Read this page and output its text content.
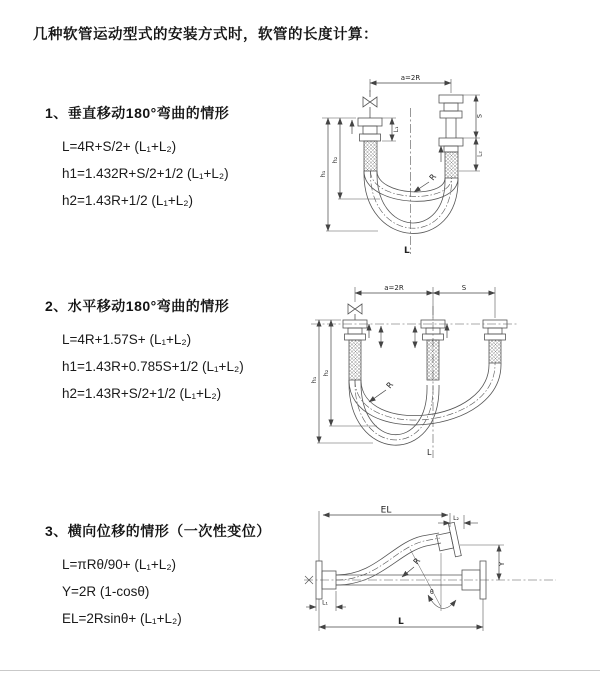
几种软管运动型式的安装方式时，软管的长度计算：
1、垂直移动180°弯曲的情形
L=4R+S/2+ (L₁+L₂)
h1=1.432R+S/2+1/2 (L₁+L₂)
h2=1.43R+1/2 (L₁+L₂)
2、水平移动180°弯曲的情形
L=4R+1.57S+ (L₁+L₂)
h1=1.43R+0.785S+1/2 (L₁+L₂)
h2=1.43R+S/2+1/2 (L₁+L₂)
3、横向位移的情形（一次性变位）
L=πRθ/90+ (L₁+L₂)
Y=2R (1-cosθ)
EL=2Rsinθ+ (L₁+L₂)
a=2R
L₁
S
L₂
h₁
h₂
R
L
a=2R	S
h₁
h₂
R
L
EL
L₂
Y
R
θ
L₁
L
